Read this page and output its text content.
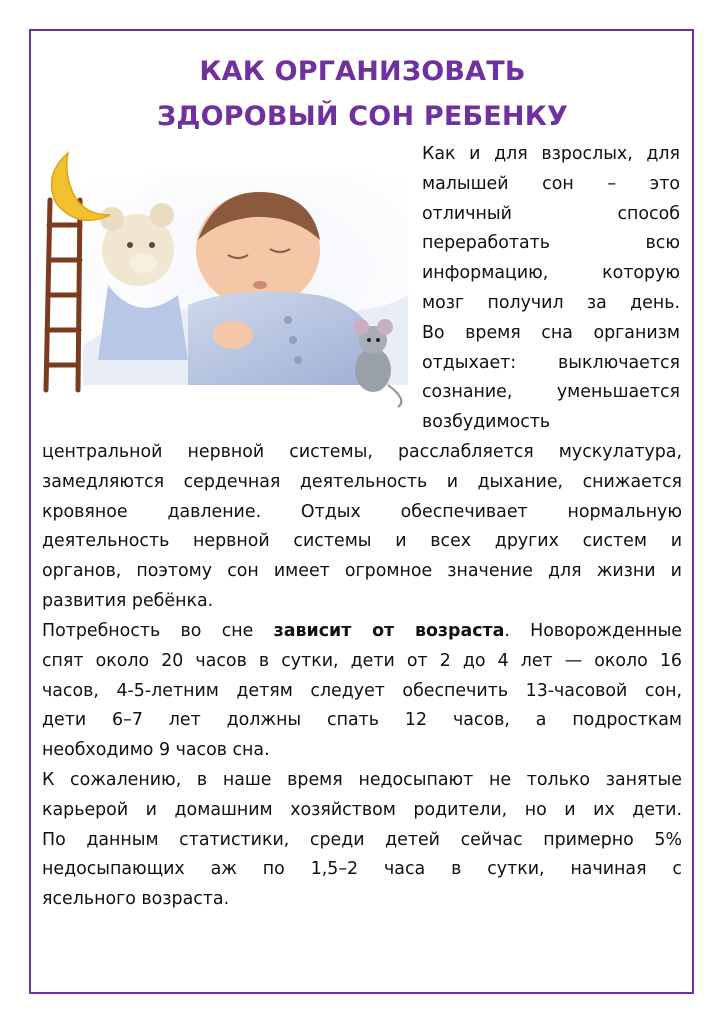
КАК ОРГАНИЗОВАТЬ
ЗДОРОВЫЙ СОН РЕБЕНКУ
Как и для взрослых, для
малышей сон – это
отличный способ
переработать всю
информацию, которую
мозг получил за день.
Во время сна организм
отдыхает: выключается
сознание, уменьшается
возбудимость
центральной нервной системы, расслабляется мускулатура,
замедляются сердечная деятельность и дыхание, снижается
кровяное давление. Отдых обеспечивает нормальную
деятельность нервной системы и всех других систем и
органов, поэтому сон имеет огромное значение для жизни и
развития ребёнка.
Потребность во сне зависит от возраста. Новорожденные
спят около 20 часов в сутки, дети от 2 до 4 лет — около 16
часов, 4-5-летним детям следует обеспечить 13-часовой сон,
дети 6–7 лет должны спать 12 часов, а подросткам
необходимо 9 часов сна.
К сожалению, в наше время недосыпают не только занятые
карьерой и домашним хозяйством родители, но и их дети.
По данным статистики, среди детей сейчас примерно 5%
недосыпающих аж по 1,5–2 часа в сутки, начиная с
ясельного возраста.
